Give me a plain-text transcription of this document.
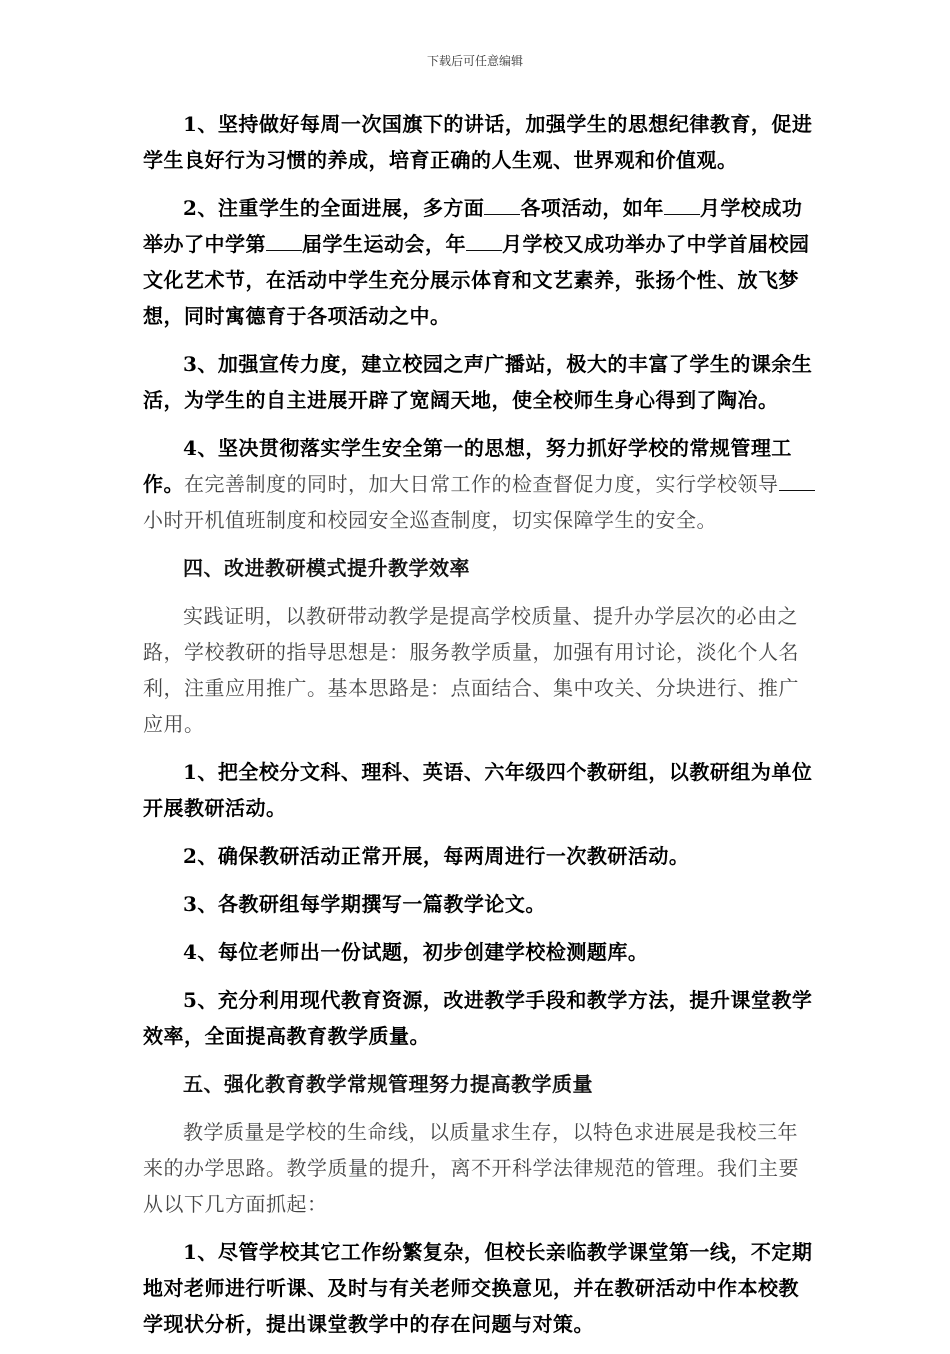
下载后可任意编辑

1、坚持做好每周一次国旗下的讲话，加强学生的思想纪律教育，促进学生良好行为习惯的养成，培育正确的人生观、世界观和价值观。

2、注重学生的全面进展，多方面 各项活动，如年 月学校成功举办了中学第 届学生运动会，年 月学校又成功举办了中学首届校园文化艺术节，在活动中学生充分展示体育和文艺素养，张扬个性、放飞梦想，同时寓德育于各项活动之中。

3、加强宣传力度，建立校园之声广播站，极大的丰富了学生的课余生活，为学生的自主进展开辟了宽阔天地，使全校师生身心得到了陶冶。

4、坚决贯彻落实学生安全第一的思想，努力抓好学校的常规管理工作。在完善制度的同时，加大日常工作的检查督促力度，实行学校领导小时开机值班制度和校园安全巡查制度，切实保障学生的安全。

四、改进教研模式提升教学效率

实践证明，以教研带动教学是提高学校质量、提升办学层次的必由之路，学校教研的指导思想是：服务教学质量，加强有用讨论，淡化个人名利，注重应用推广。基本思路是：点面结合、集中攻关、分块进行、推广应用。

1、把全校分文科、理科、英语、六年级四个教研组，以教研组为单位开展教研活动。

2、确保教研活动正常开展，每两周进行一次教研活动。

3、各教研组每学期撰写一篇教学论文。

4、每位老师出一份试题，初步创建学校检测题库。

5、充分利用现代教育资源，改进教学手段和教学方法，提升课堂教学效率，全面提高教育教学质量。

五、强化教育教学常规管理努力提高教学质量

教学质量是学校的生命线，以质量求生存，以特色求进展是我校三年来的办学思路。教学质量的提升，离不开科学法律规范的管理。我们主要从以下几方面抓起：

1、尽管学校其它工作纷繁复杂，但校长亲临教学课堂第一线，不定期地对老师进行听课、及时与有关老师交换意见，并在教研活动中作本校教学现状分析，提出课堂教学中的存在问题与对策。
